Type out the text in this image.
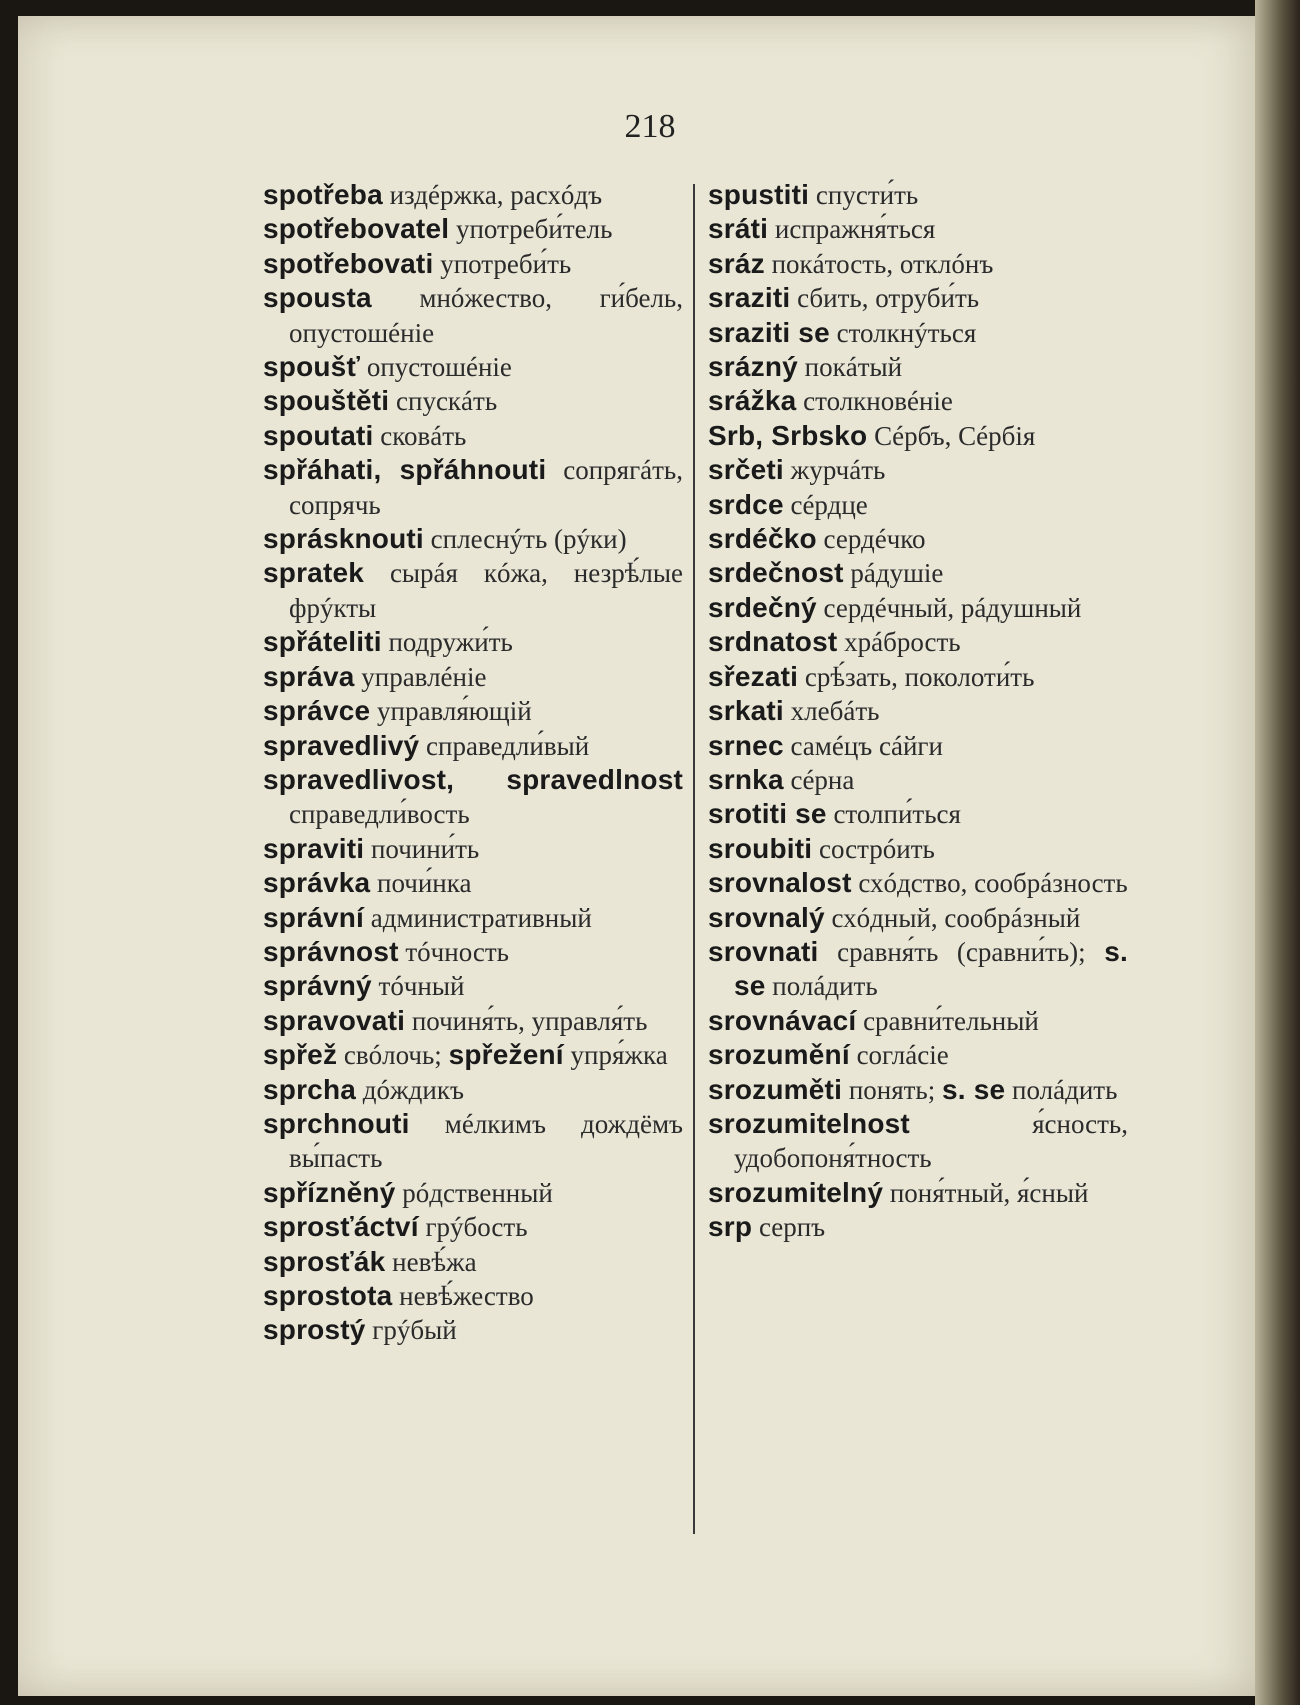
218
spotřeba издéржка, расхóдъ
spotřebovatel употреби́тель
spotřebovati употреби́ть
spousta мнóжество, ги́бель, опустошéнiе
spoušť опустошéнiе
spouštěti спускáть
spoutati сковáть
spřáhati, spřáhnouti сопрягáть, сопрячь
sprásknouti сплеснýть (рýки)
spratek сырáя кóжа, незрѣ́лые фрýкты
spřáteliti подружи́ть
správa управлéнiе
správce управля́ющiй
spravedlivý справедли́вый
spravedlivost, spravedlnost справедли́вость
spraviti почини́ть
správka почи́нка
správní административный
správnost тóчность
správný тóчный
spravovati починя́ть, управля́ть
spřež свóлочь; spřežení упря́жка
sprcha дóждикъ
sprchnouti мéлкимъ дождёмъ вы́пасть
spřízněný рóдственный
sprosťáctví грýбость
sprosťák невѣ́жа
sprostota невѣ́жество
sprostý грýбый
spustiti спусти́ть
sráti испражня́ться
sráz покáтость, отклóнъ
sraziti сбить, отруби́ть
sraziti se столкнýться
srázný покáтый
srážka столкновéнiе
Srb, Srbsko Сéрбъ, Сéрбiя
srčeti журчáть
srdce сéрдце
srdéčko сердéчко
srdečnost рáдушiе
srdečný сердéчный, рáдушный
srdnatost хрáбрость
sřezati срѣ́зать, поколоти́ть
srkati хлебáть
srnec самéцъ сáйги
srnka сéрна
srotiti se столпи́ться
sroubiti сострóить
srovnalost схóдство, сообрáзность
srovnalý схóдный, сообрáзный
srovnati сравня́ть (сравни́ть); s. se полáдить
srovnávací сравни́тельный
srozumění соглáсiе
srozuměti понять; s. se полáдить
srozumitelnost	я́сность, удобопоня́тность
srozumitelný поня́тный, я́сный
srp серпъ
